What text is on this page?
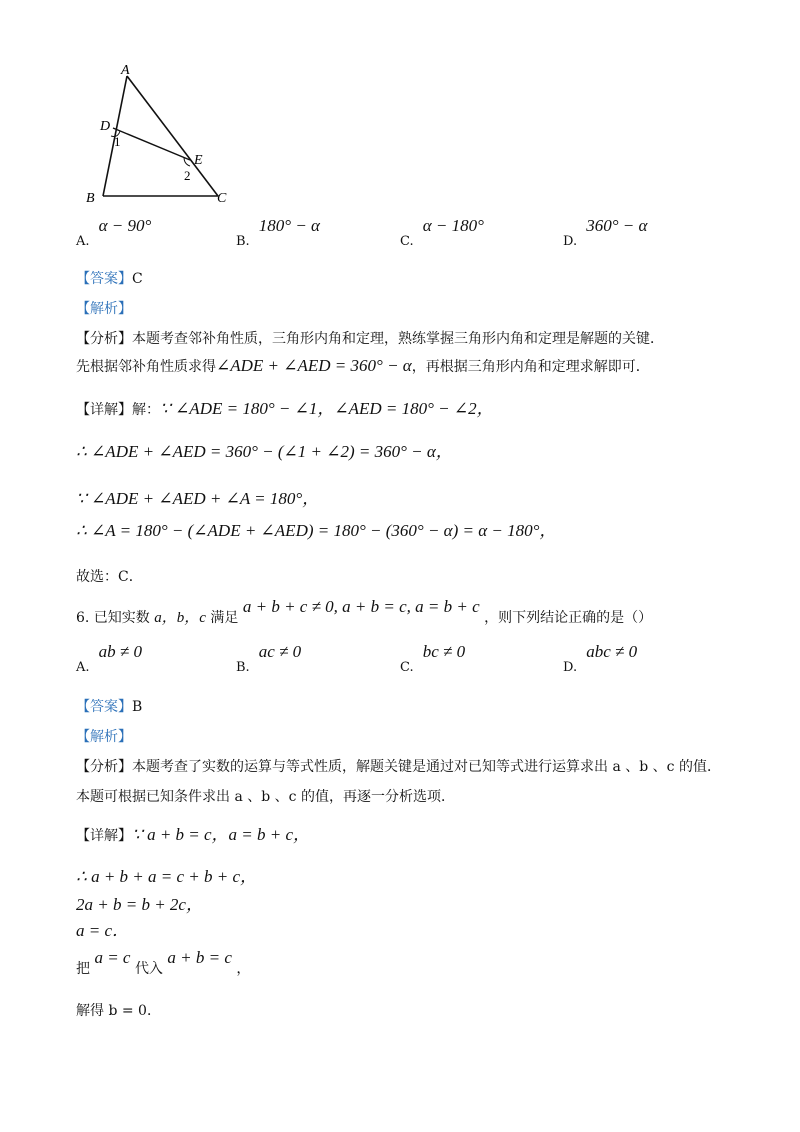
A
D
1
E
2
B	C
$_{A.}$ α − 90°
$_{B.}$ 180° − α
$_{C.}$ α − 180°
$_{D.}$ 360° − α
【答案】C
【解析】
【分析】本题考查邻补角性质，三角形内角和定理，熟练掌握三角形内角和定理是解题的关键．
先根据邻补角性质求得∠ADE + ∠AED = 360° − α，再根据三角形内角和定理求解即可．
【详解】解：∵ ∠ADE = 180° − ∠1，∠AED = 180° − ∠2，
∴ ∠ADE + ∠AED = 360° − (∠1 + ∠2) = 360° − α，
∵ ∠ADE + ∠AED + ∠A = 180°，
∴ ∠A = 180° − (∠ADE + ∠AED) = 180° − (360° − α) = α − 180°，
故选：C．
6. 已知实数 a，b，c 满足 a + b + c ≠ 0, a + b = c, a = b + c ，则下列结论正确的是（）
$_{A.}$ ab ≠ 0
$_{B.}$ ac ≠ 0
$_{C.}$ bc ≠ 0
$_{D.}$ abc ≠ 0
【答案】B
【解析】
【分析】本题考查了实数的运算与等式性质，解题关键是通过对已知等式进行运算求出 a 、b 、c 的值．
本题可根据已知条件求出 a 、b 、c 的值，再逐一分析选项．
【详解】∵ a + b = c，a = b + c，
∴ a + b + a = c + b + c，
2a + b = b + 2c，
a = c．
把 a = c 代入 a + b = c ，
解得 b = 0．
